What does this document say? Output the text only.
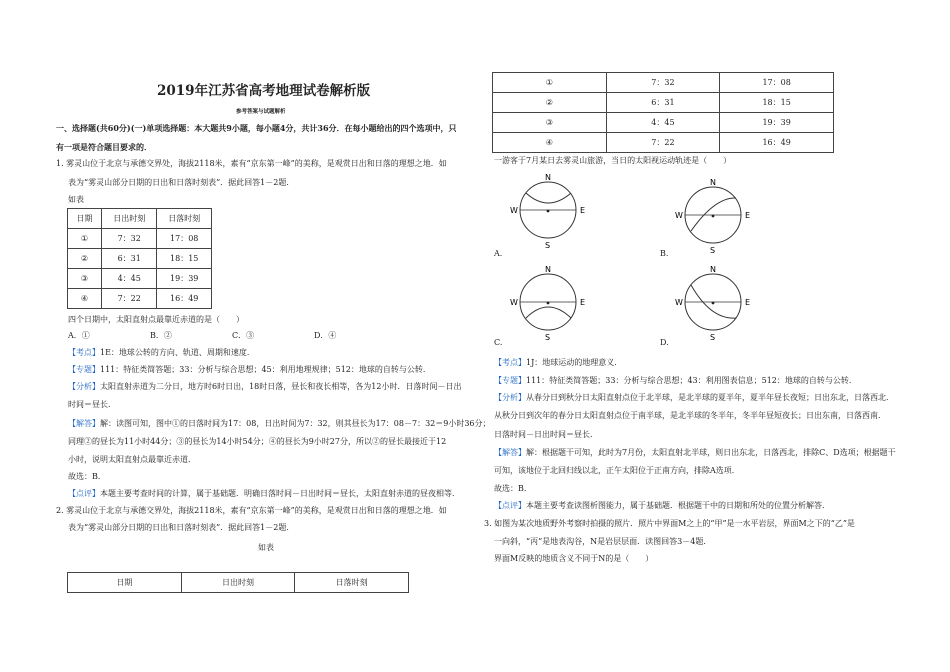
2019年江苏省高考地理试卷解析版
参考答案与试题解析
一、选择题(共60分)(一)单项选择题：本大题共9小题，每小题4分，共计36分．在每小题给出的四个选项中，只
有一项是符合题目要求的．
1. 雾灵山位于北京与承德交界处，海拔2118米，素有“京东第一峰”的美称，是观赏日出和日落的理想之地．如
表为“雾灵山部分日期的日出和日落时刻表”．据此回答1－2题．
如表
日期	日出时刻	日落时刻
①	7：32	17：08
②	6：31	18：15
③	4：45	19：39
④	7：22	16：49
四个日期中，太阳直射点最靠近赤道的是（　　）
A．①	B．②	C．③	D．④
【考点】1E：地球公转的方向、轨道、周期和速度．
【专题】111：特征类简答题；33：分析与综合思想；45：利用地理规律；512：地球的自转与公转．
【分析】太阳直射赤道为二分日，地方时6时日出，18时日落，昼长和夜长相等，各为12小时．日落时间－日出
时间＝昼长．
【解答】解：读图可知，图中①的日落时间为17：08，日出时间为7：32，则其昼长为17：08－7：32＝9小时36分；
同理②的昼长为11小时44分；③的昼长为14小时54分；④的昼长为9小时27分，所以②的昼长最接近于12
小时，说明太阳直射点最靠近赤道．
故选：B．
【点评】本题主要考查时间的计算，属于基础题．明确日落时间－日出时间＝昼长，太阳直射赤道的昼夜相等．
2. 雾灵山位于北京与承德交界处，海拔2118米，素有“京东第一峰”的美称，是观赏日出和日落的理想之地．如
表为“雾灵山部分日期的日出和日落时刻表”．据此回答1－2题．
如表
日期	日出时刻	日落时刻
①	7：32	17：08
②	6：31	18：15
③	4：45	19：39
④	7：22	16：49
一游客于7月某日去雾灵山旅游，当日的太阳视运动轨迹是（　　）
N
S
W	E
A.
N
S
W	E
B.
N
S
W	E
C.
N
S
W	E
D.
【考点】1J：地球运动的地理意义．
【专题】111：特征类简答题；33：分析与综合思想；43：利用图表信息；512：地球的自转与公转．
【分析】从春分日到秋分日太阳直射点位于北半球，是北半球的夏半年，夏半年昼长夜短；日出东北，日落西北．
从秋分日到次年的春分日太阳直射点位于南半球，是北半球的冬半年，冬半年昼短夜长；日出东南，日落西南．
日落时间－日出时间＝昼长．
【解答】解：根据题干可知，此时为7月份，太阳直射北半球，则日出东北，日落西北，排除C、D选项；根据题干
可知，该地位于北回归线以北，正午太阳位于正南方向，排除A选项．
故选：B．
【点评】本题主要考查读图析图能力，属于基础题．根据题干中的日期和所处的位置分析解答．
3. 如图为某次地质野外考察时拍摄的照片．照片中界面M之上的“甲”是一水平岩层，界面M之下的“乙”是
一向斜，“丙”是地表沟谷，N是岩层层面．读图回答3－4题．
界面M反映的地质含义不同于N的是（　　）
